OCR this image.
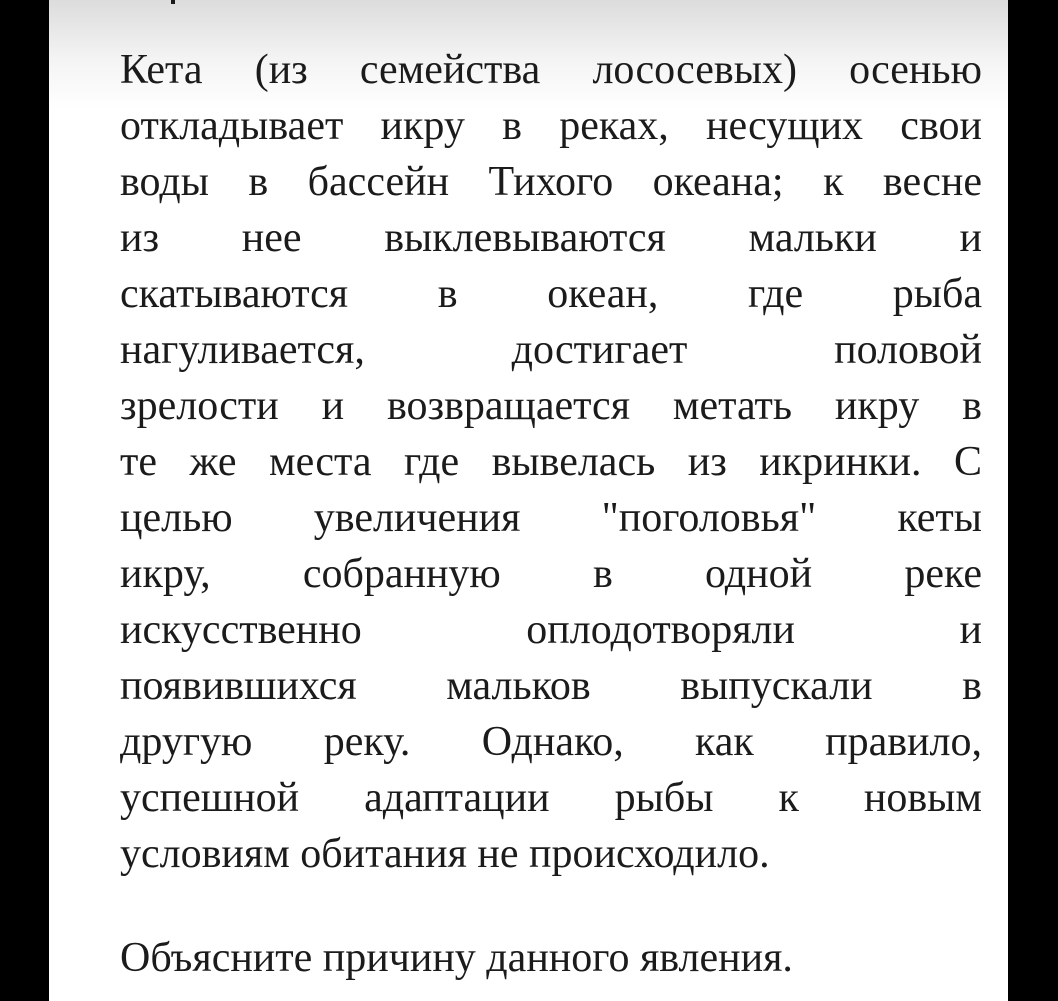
Кета (из семейства лососевых) осенью
откладывает икру в реках, несущих свои
воды в бассейн Тихого океана; к весне
из нее выклевываются мальки и
скатываются в океан, где рыба
нагуливается,	достигает	половой
зрелости и возвращается метать икру в
те же места где вывелась из икринки. С
целью увеличения "поголовья" кеты
икру, собранную в одной реке
искусственно	оплодотворяли	и
появившихся мальков выпускали в
другую реку. Однако, как правило,
успешной адаптации рыбы к новым
условиям обитания не происходило.
Объясните причину данного явления.
